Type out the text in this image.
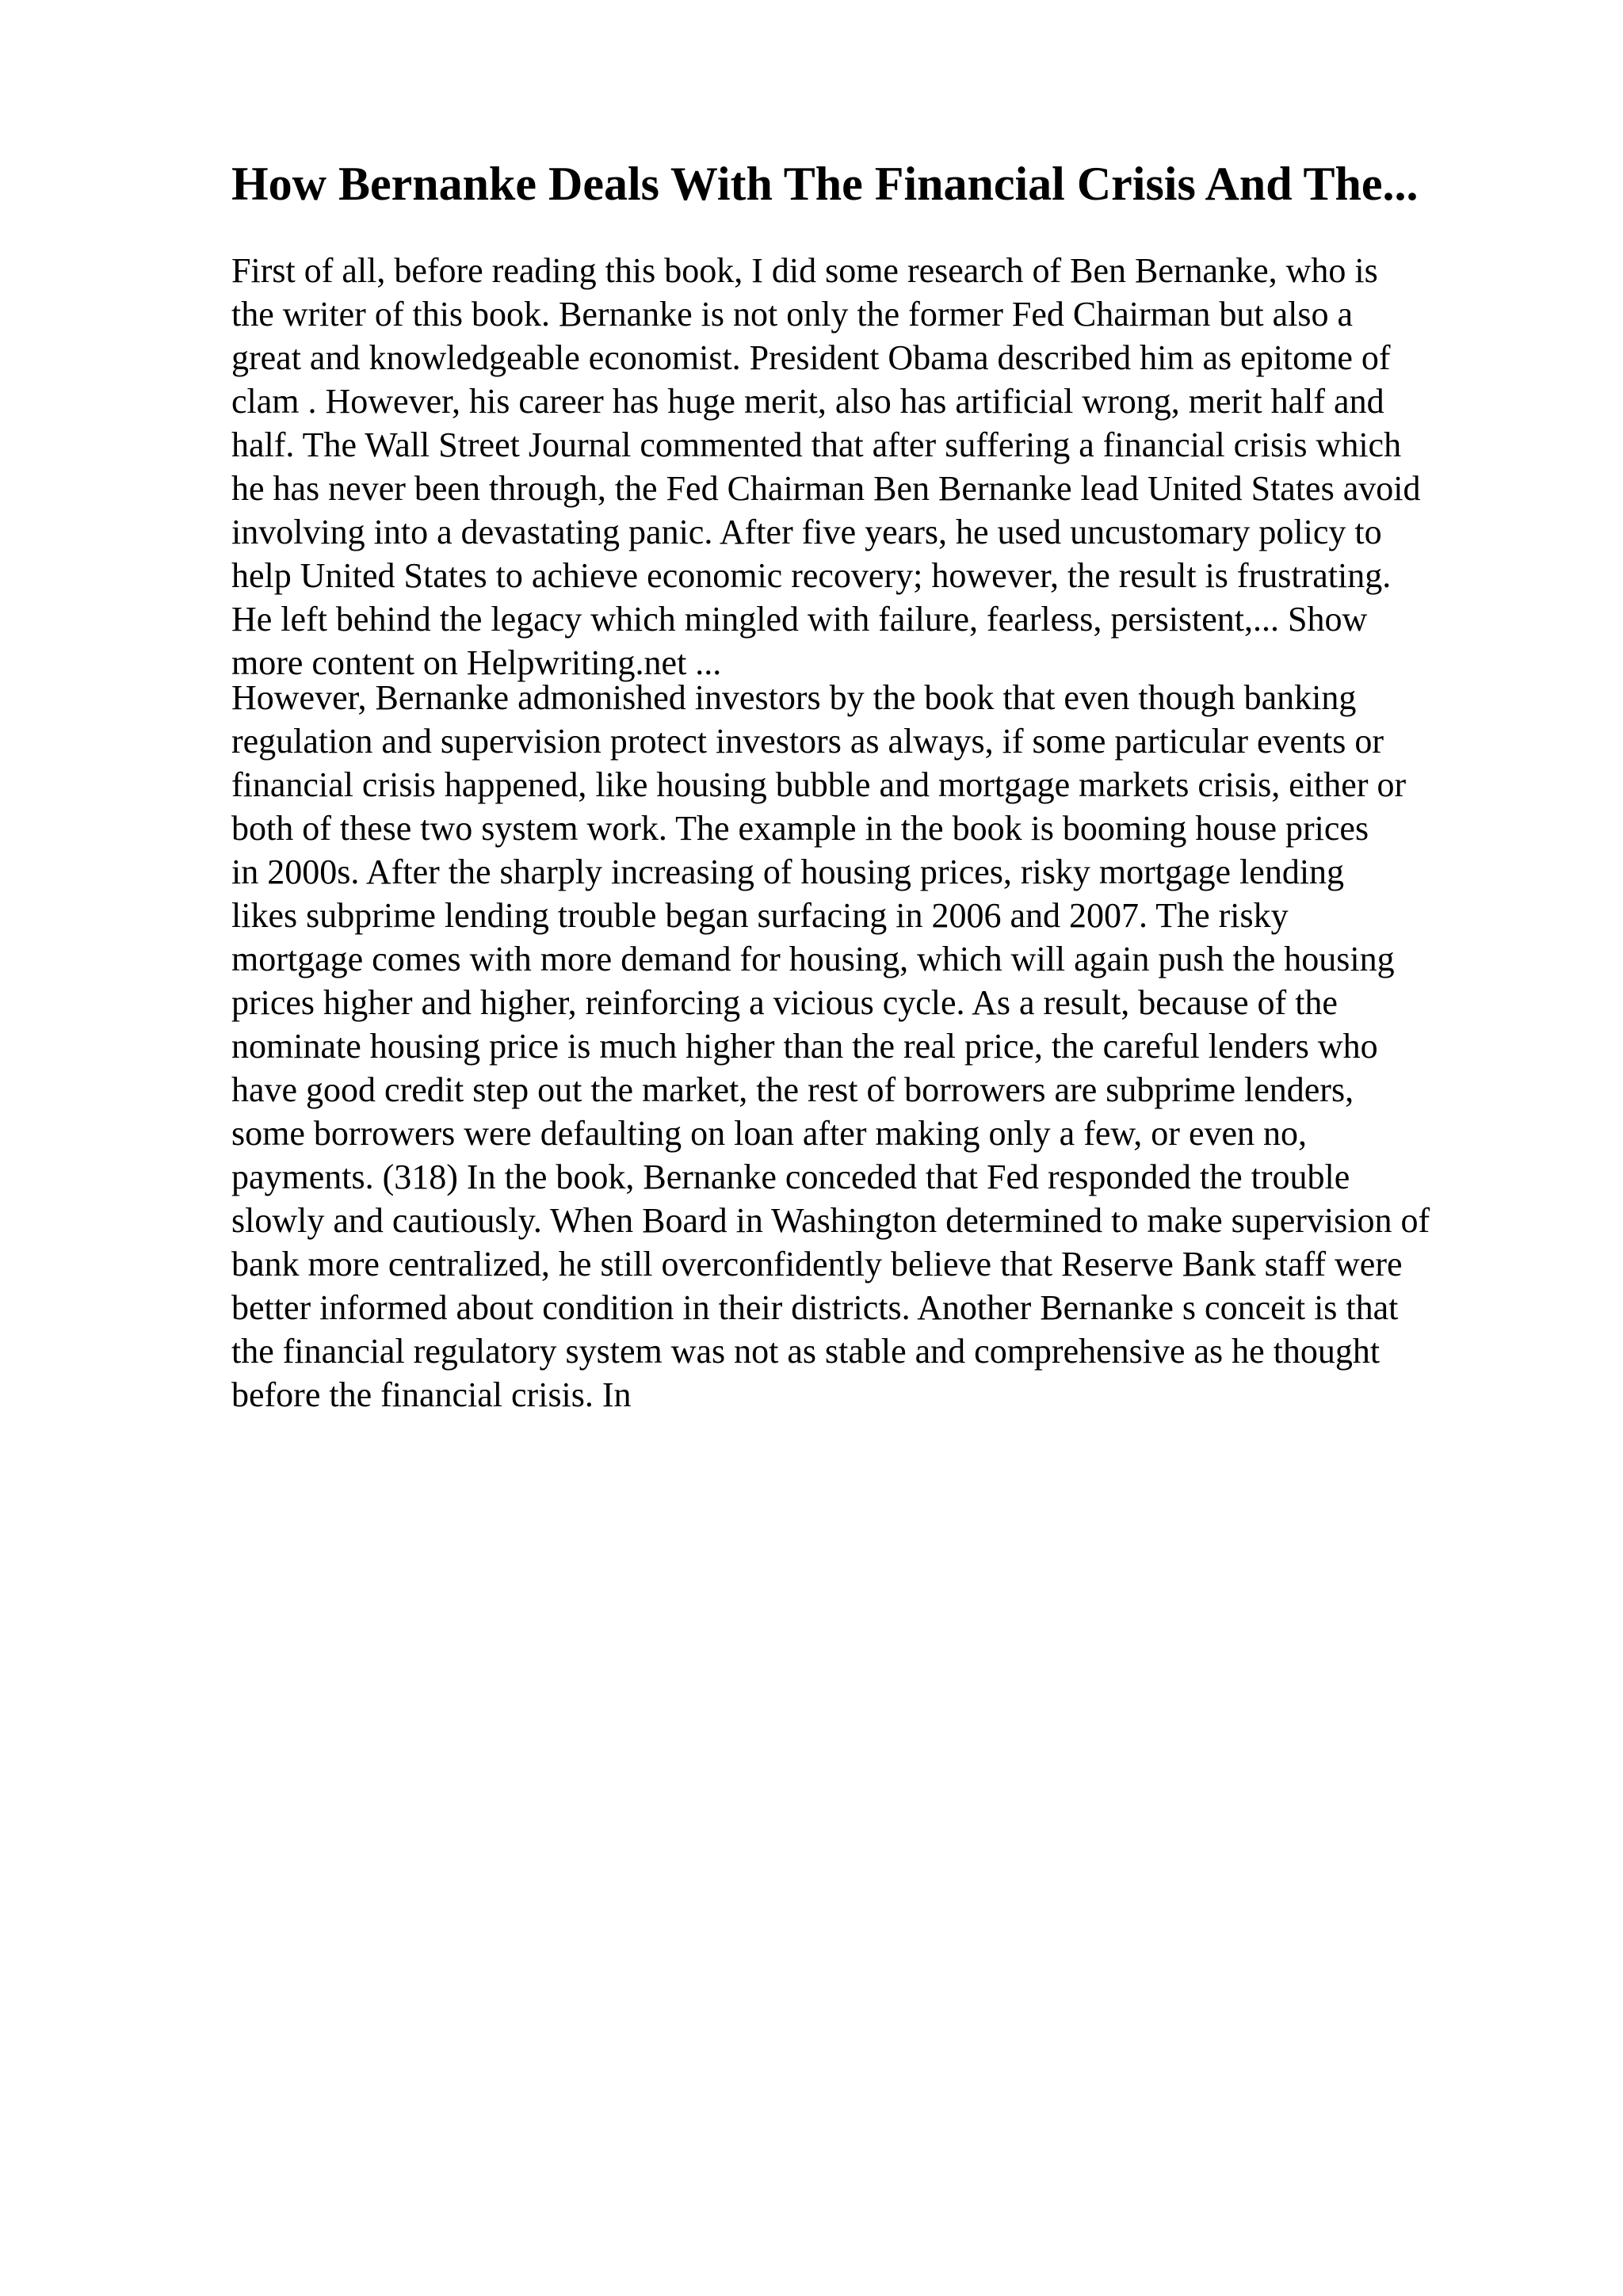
How Bernanke Deals With The Financial Crisis And The...
First of all, before reading this book, I did some research of Ben Bernanke, who is
the writer of this book. Bernanke is not only the former Fed Chairman but also a
great and knowledgeable economist. President Obama described him as epitome of
clam . However, his career has huge merit, also has artificial wrong, merit half and
half. The Wall Street Journal commented that after suffering a financial crisis which
he has never been through, the Fed Chairman Ben Bernanke lead United States avoid
involving into a devastating panic. After five years, he used uncustomary policy to
help United States to achieve economic recovery; however, the result is frustrating.
He left behind the legacy which mingled with failure, fearless, persistent,... Show
more content on Helpwriting.net ...
However, Bernanke admonished investors by the book that even though banking
regulation and supervision protect investors as always, if some particular events or
financial crisis happened, like housing bubble and mortgage markets crisis, either or
both of these two system work. The example in the book is booming house prices
in 2000s. After the sharply increasing of housing prices, risky mortgage lending
likes subprime lending trouble began surfacing in 2006 and 2007. The risky
mortgage comes with more demand for housing, which will again push the housing
prices higher and higher, reinforcing a vicious cycle. As a result, because of the
nominate housing price is much higher than the real price, the careful lenders who
have good credit step out the market, the rest of borrowers are subprime lenders,
some borrowers were defaulting on loan after making only a few, or even no,
payments. (318) In the book, Bernanke conceded that Fed responded the trouble
slowly and cautiously. When Board in Washington determined to make supervision of
bank more centralized, he still overconfidently believe that Reserve Bank staff were
better informed about condition in their districts. Another Bernanke s conceit is that
the financial regulatory system was not as stable and comprehensive as he thought
before the financial crisis. In
